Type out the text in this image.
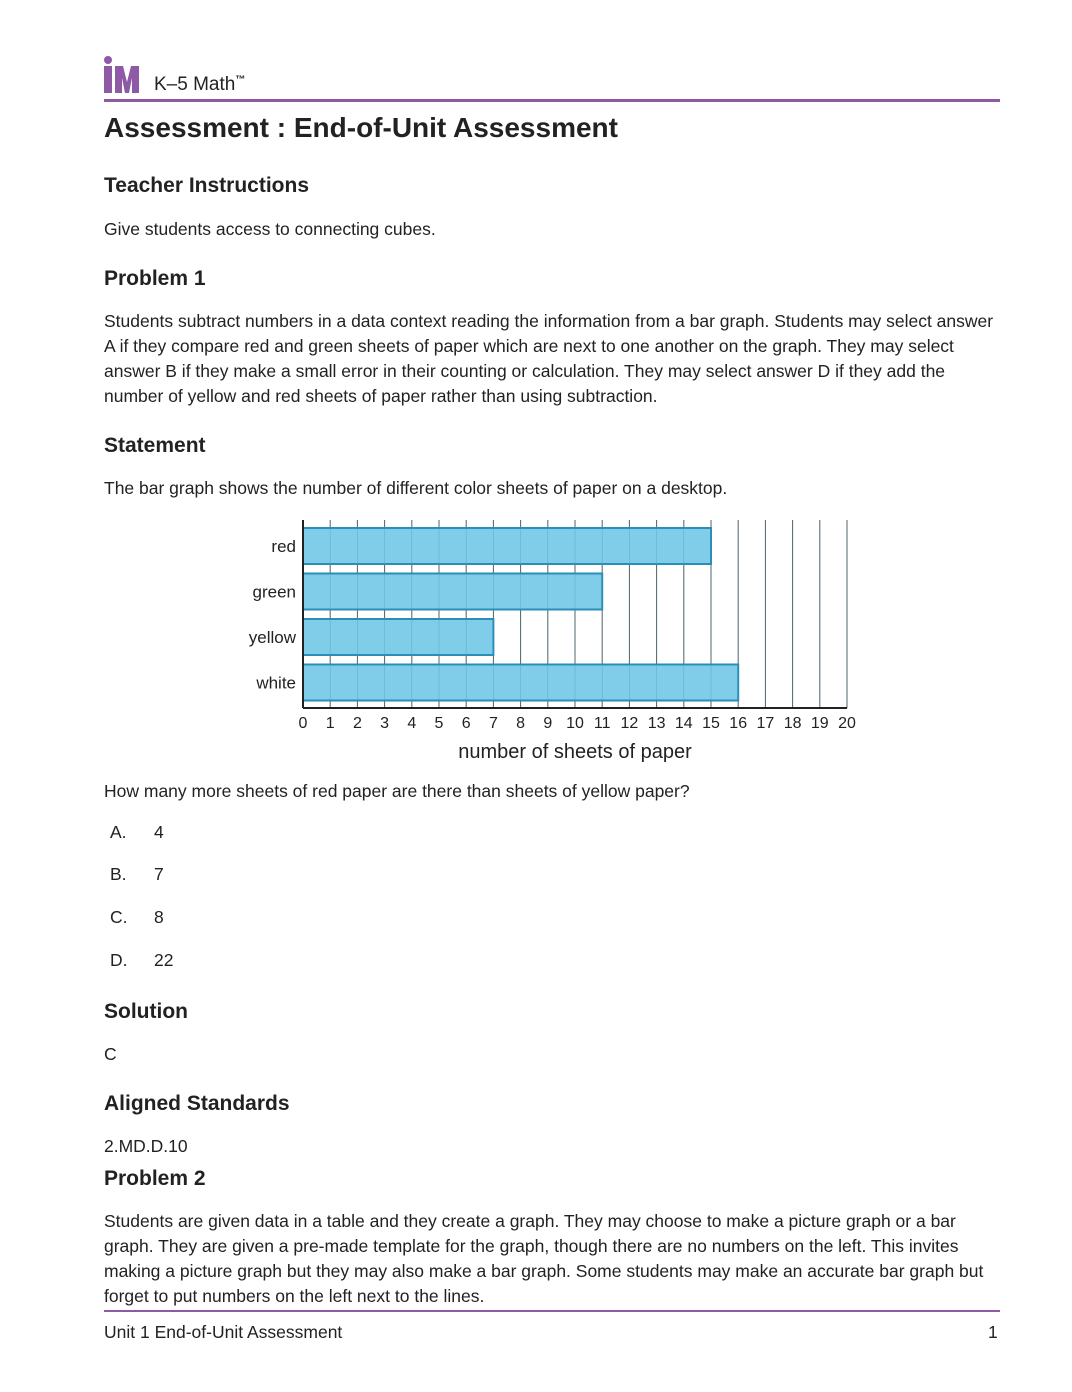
K–5 Math™
Assessment : End-of-Unit Assessment
Teacher Instructions
Give students access to connecting cubes.
Problem 1
Students subtract numbers in a data context reading the information from a bar graph. Students may select answer A if they compare red and green sheets of paper which are next to one another on the graph. They may select answer B if they make a small error in their counting or calculation. They may select answer D if they add the number of yellow and red sheets of paper rather than using subtraction.
Statement
The bar graph shows the number of different color sheets of paper on a desktop.
red
green
yellow
white
0 1 2 3 4 5 6 7 8 9 10 11 12 13 14 15 16 17 18 19 20
number of sheets of paper
How many more sheets of red paper are there than sheets of yellow paper?
A. 4
B. 7
C. 8
D. 22
Solution
C
Aligned Standards
2.MD.D.10
Problem 2
Students are given data in a table and they create a graph. They may choose to make a picture graph or a bar graph. They are given a pre-made template for the graph, though there are no numbers on the left. This invites making a picture graph but they may also make a bar graph. Some students may make an accurate bar graph but forget to put numbers on the left next to the lines.
Unit 1 End-of-Unit Assessment	1
